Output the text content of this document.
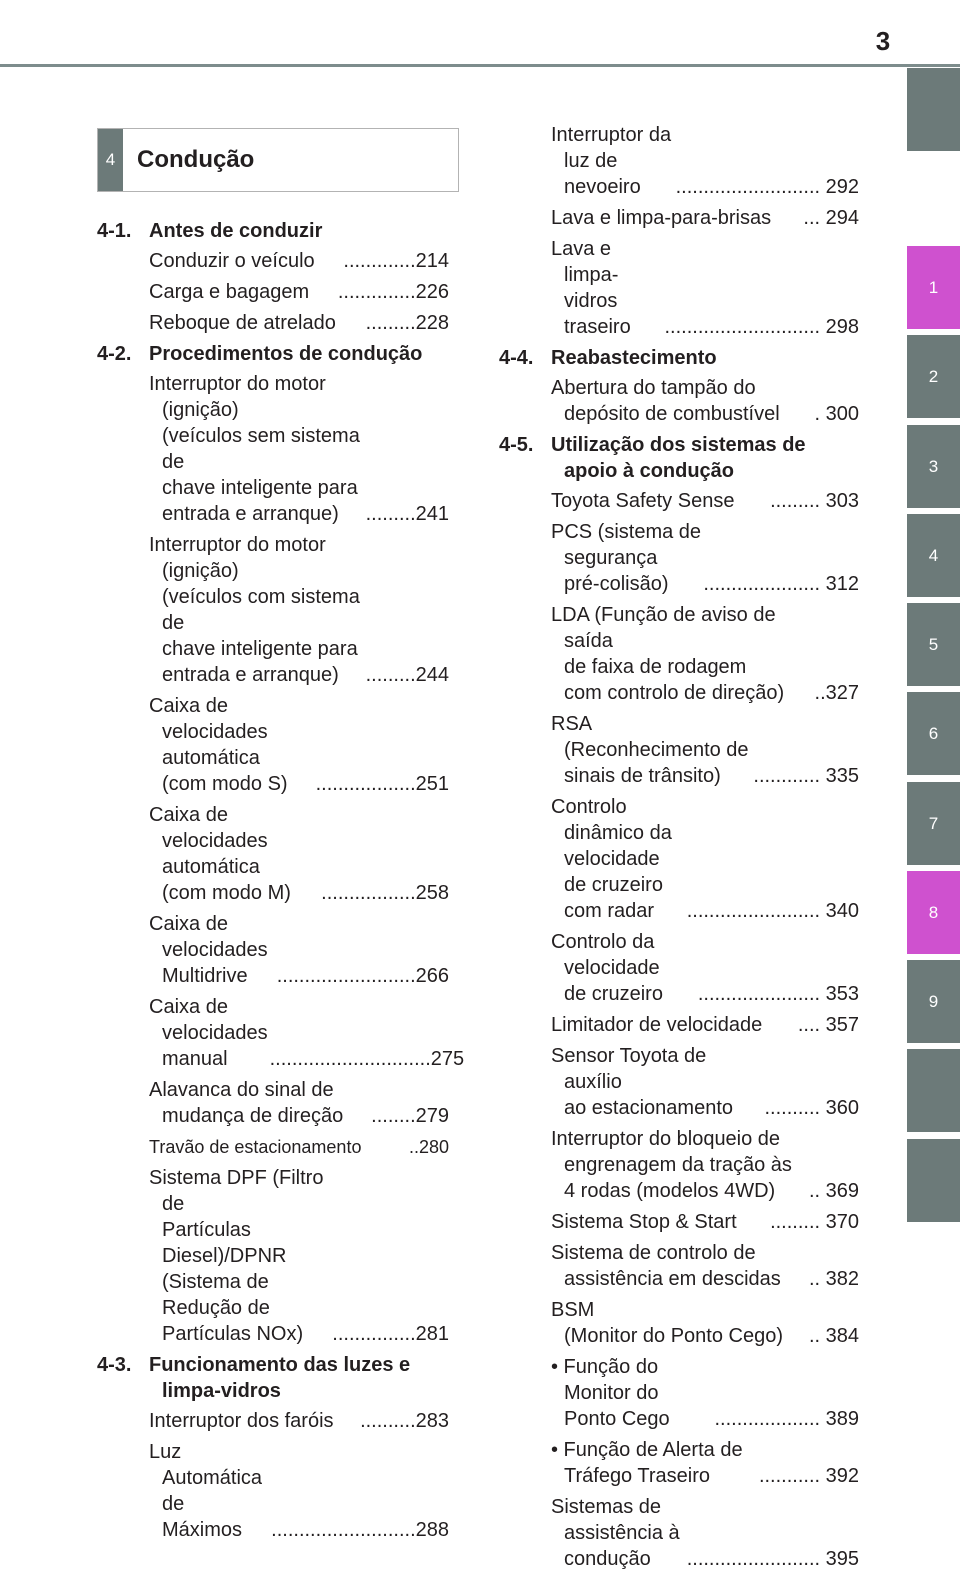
3
1
2
3
4
5
6
7
8
9
4 Condução
4-1. Antes de conduzir
Conduzir o veículo	.............214
Carga e bagagem	..............226
Reboque de atrelado	.........228
4-2. Procedimentos de condução
Interruptor do motor (ignição)
(veículos sem sistema de
chave inteligente para
entrada e arranque)	.........241
Interruptor do motor (ignição)
(veículos com sistema de
chave inteligente para
entrada e arranque)	.........244
Caixa de velocidades
automática
(com modo S)	..................251
Caixa de velocidades
automática
(com modo M)	.................258
Caixa de velocidades
Multidrive	.........................266
Caixa de velocidades
manual	.............................275
Alavanca do sinal de
mudança de direção	........279
Travão de estacionamento	..280
Sistema DPF (Filtro de
Partículas Diesel)/DPNR
(Sistema de Redução de
Partículas NOx)	...............281
4-3. Funcionamento das luzes e limpa-vidros
Interruptor dos faróis	..........283
Luz Automática de
Máximos	..........................288
Interruptor da luz de
nevoeiro	.......................... 292
Lava e limpa-para-brisas	... 294
Lava e limpa-vidros
traseiro	............................ 298
4-4. Reabastecimento
Abertura do tampão do
depósito de combustível	. 300
4-5. Utilização dos sistemas de apoio à condução
Toyota Safety Sense	......... 303
PCS (sistema de segurança
pré-colisão)	..................... 312
LDA (Função de aviso de saída
de faixa de rodagem
com controlo de direção)	..327
RSA (Reconhecimento de
sinais de trânsito)	............ 335
Controlo dinâmico da
velocidade de cruzeiro
com radar	........................ 340
Controlo da velocidade
de cruzeiro	...................... 353
Limitador de velocidade	.... 357
Sensor Toyota de auxílio
ao estacionamento	.......... 360
Interruptor do bloqueio de
engrenagem da tração às
4 rodas (modelos 4WD)	.. 369
Sistema Stop & Start	......... 370
Sistema de controlo de
assistência em descidas	.. 382
BSM
(Monitor do Ponto Cego)	.. 384
• Função do Monitor do
Ponto Cego	................... 389
• Função de Alerta de
Tráfego Traseiro	........... 392
Sistemas de assistência à
condução	........................ 395
